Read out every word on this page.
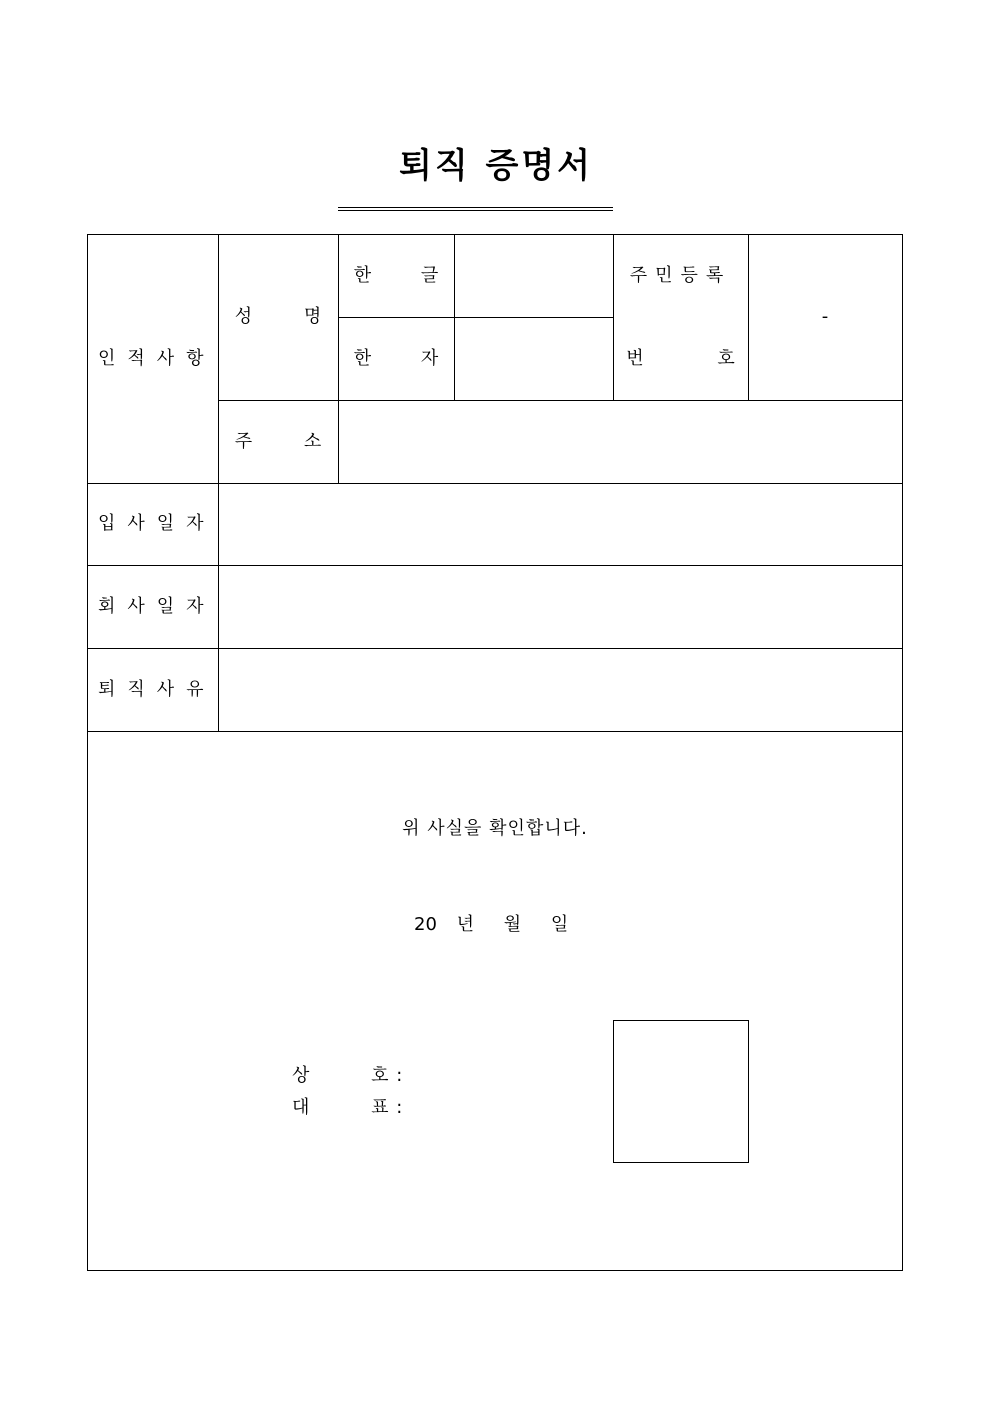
퇴직 증명서
인적사항
성 명
한 글
한 자
주민등록
번 호
-
주 소
입사일자
회사일자
퇴직사유
위 사실을 확인합니다.
20 년 월 일
상	호 :
대	표 :
